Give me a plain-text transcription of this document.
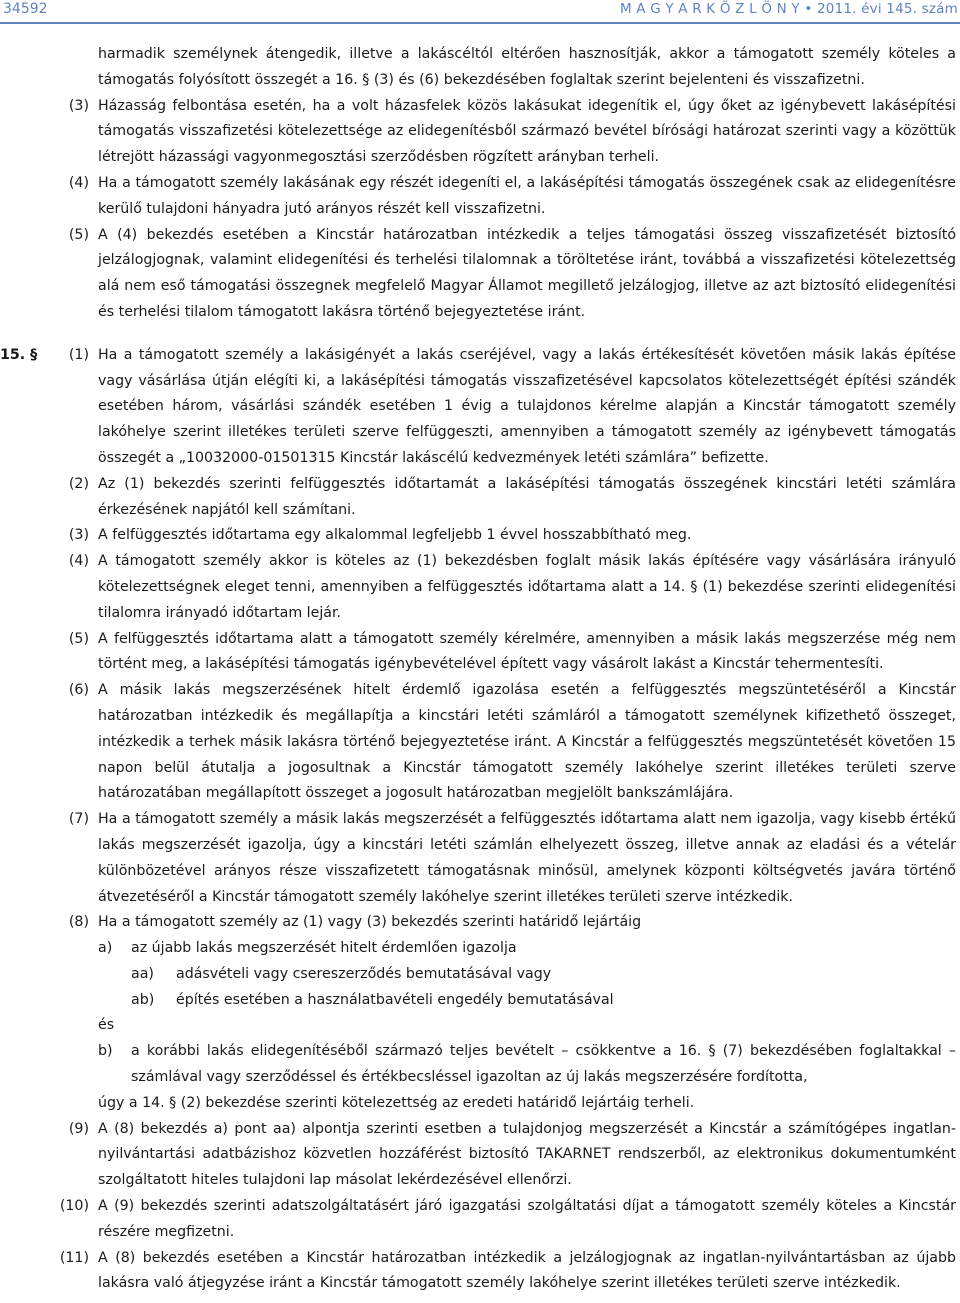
34592	M A G Y A R K Ö Z L Ö N Y • 2011. évi 145. szám

harmadik személynek átengedik, illetve a lakáscéltól eltérően hasznosítják, akkor a támogatott személy köteles a támogatás folyósított összegét a 16. § (3) és (6) bekezdésében foglaltak szerint bejelenteni és visszafizetni.

(3) Házasság felbontása esetén, ha a volt házasfelek közös lakásukat idegenítik el, úgy őket az igénybevett lakásépítési támogatás visszafizetési kötelezettsége az elidegenítésből származó bevétel bírósági határozat szerinti vagy a közöttük létrejött házassági vagyonmegosztási szerződésben rögzített arányban terheli.

(4) Ha a támogatott személy lakásának egy részét idegeníti el, a lakásépítési támogatás összegének csak az elidegenítésre kerülő tulajdoni hányadra jutó arányos részét kell visszafizetni.

(5) A (4) bekezdés esetében a Kincstár határozatban intézkedik a teljes támogatási összeg visszafizetését biztosító jelzálogjognak, valamint elidegenítési és terhelési tilalomnak a töröltetése iránt, továbbá a visszafizetési kötelezettség alá nem eső támogatási összegnek megfelelő Magyar Államot megillető jelzálogjog, illetve az azt biztosító elidegenítési és terhelési tilalom támogatott lakásra történő bejegyeztetése iránt.

15. §	(1) Ha a támogatott személy a lakásigényét a lakás cseréjével, vagy a lakás értékesítését követően másik lakás építése vagy vásárlása útján elégíti ki, a lakásépítési támogatás visszafizetésével kapcsolatos kötelezettségét építési szándék esetében három, vásárlási szándék esetében 1 évig a tulajdonos kérelme alapján a Kincstár támogatott személy lakóhelye szerint illetékes területi szerve felfüggeszti, amennyiben a támogatott személy az igénybevett támogatás összegét a „10032000-01501315 Kincstár lakáscélú kedvezmények letéti számlára” befizette.

(2) Az (1) bekezdés szerinti felfüggesztés időtartamát a lakásépítési támogatás összegének kincstári letéti számlára érkezésének napjától kell számítani.

(3) A felfüggesztés időtartama egy alkalommal legfeljebb 1 évvel hosszabbítható meg.

(4) A támogatott személy akkor is köteles az (1) bekezdésben foglalt másik lakás építésére vagy vásárlására irányuló kötelezettségnek eleget tenni, amennyiben a felfüggesztés időtartama alatt a 14. § (1) bekezdése szerinti elidegenítési tilalomra irányadó időtartam lejár.

(5) A felfüggesztés időtartama alatt a támogatott személy kérelmére, amennyiben a másik lakás megszerzése még nem történt meg, a lakásépítési támogatás igénybevételével épített vagy vásárolt lakást a Kincstár tehermentesíti.

(6) A másik lakás megszerzésének hitelt érdemlő igazolása esetén a felfüggesztés megszüntetéséről a Kincstár határozatban intézkedik és megállapítja a kincstári letéti számláról a támogatott személynek kifizethető összeget, intézkedik a terhek másik lakásra történő bejegyeztetése iránt. A Kincstár a felfüggesztés megszüntetését követően 15 napon belül átutalja a jogosultnak a Kincstár támogatott személy lakóhelye szerint illetékes területi szerve határozatában megállapított összeget a jogosult határozatban megjelölt bankszámlájára.

(7) Ha a támogatott személy a másik lakás megszerzését a felfüggesztés időtartama alatt nem igazolja, vagy kisebb értékű lakás megszerzését igazolja, úgy a kincstári letéti számlán elhelyezett összeg, illetve annak az eladási és a vételár különbözetével arányos része visszafizetett támogatásnak minősül, amelynek központi költségvetés javára történő átvezetéséről a Kincstár támogatott személy lakóhelye szerint illetékes területi szerve intézkedik.

(8) Ha a támogatott személy az (1) vagy (3) bekezdés szerinti határidő lejártáig

a) az újabb lakás megszerzését hitelt érdemlően igazolja

aa) adásvételi vagy csereszerződés bemutatásával vagy

ab) építés esetében a használatbavételi engedély bemutatásával

és

b) a korábbi lakás elidegenítéséből származó teljes bevételt – csökkentve a 16. § (7) bekezdésében foglaltakkal – számlával vagy szerződéssel és értékbecsléssel igazoltan az új lakás megszerzésére fordította,

úgy a 14. § (2) bekezdése szerinti kötelezettség az eredeti határidő lejártáig terheli.

(9) A (8) bekezdés a) pont aa) alpontja szerinti esetben a tulajdonjog megszerzését a Kincstár a számítógépes ingatlan-nyilvántartási adatbázishoz közvetlen hozzáférést biztosító TAKARNET rendszerből, az elektronikus dokumentumként szolgáltatott hiteles tulajdoni lap másolat lekérdezésével ellenőrzi.

(10) A (9) bekezdés szerinti adatszolgáltatásért járó igazgatási szolgáltatási díjat a támogatott személy köteles a Kincstár részére megfizetni.

(11) A (8) bekezdés esetében a Kincstár határozatban intézkedik a jelzálogjognak az ingatlan-nyilvántartásban az újabb lakásra való átjegyzése iránt a Kincstár támogatott személy lakóhelye szerint illetékes területi szerve intézkedik.
